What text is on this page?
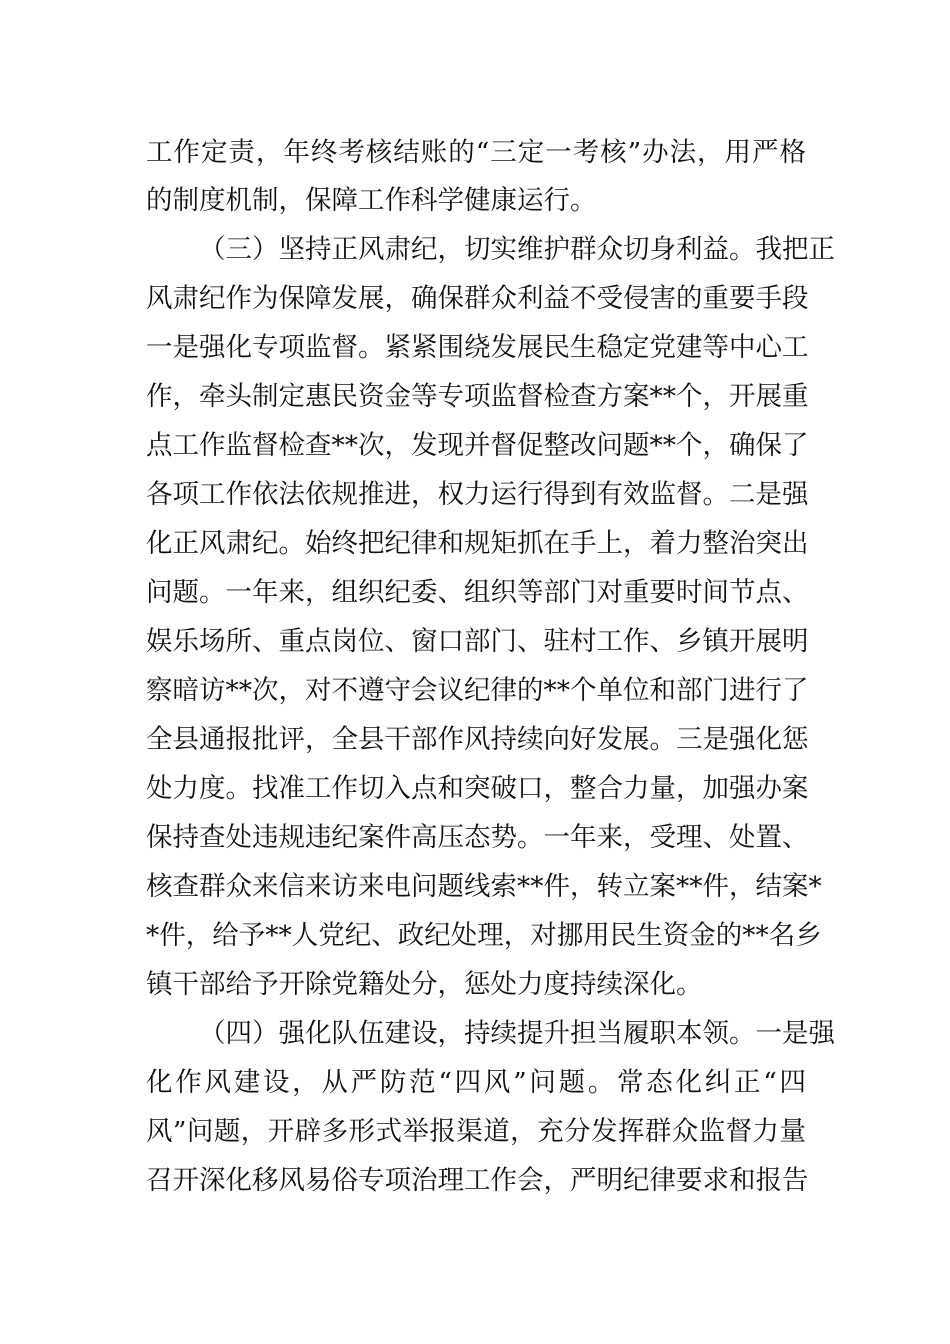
工作定责，年终考核结账的“三定一考核”办法，用严格
的制度机制，保障工作科学健康运行。
（三）坚持正风肃纪，切实维护群众切身利益。我把正
风肃纪作为保障发展，确保群众利益不受侵害的重要手段
一是强化专项监督。紧紧围绕发展民生稳定党建等中心工
作，牵头制定惠民资金等专项监督检查方案**个，开展重
点工作监督检查**次，发现并督促整改问题**个，确保了
各项工作依法依规推进，权力运行得到有效监督。二是强
化正风肃纪。始终把纪律和规矩抓在手上，着力整治突出
问题。一年来，组织纪委、组织等部门对重要时间节点、
娱乐场所、重点岗位、窗口部门、驻村工作、乡镇开展明
察暗访**次，对不遵守会议纪律的**个单位和部门进行了
全县通报批评，全县干部作风持续向好发展。三是强化惩
处力度。找准工作切入点和突破口，整合力量，加强办案
保持查处违规违纪案件高压态势。一年来，受理、处置、
核查群众来信来访来电问题线索**件，转立案**件，结案*
*件，给予**人党纪、政纪处理，对挪用民生资金的**名乡
镇干部给予开除党籍处分，惩处力度持续深化。
（四）强化队伍建设，持续提升担当履职本领。一是强
化作风建设，从严防范“四风”问题。常态化纠正“四
风”问题，开辟多形式举报渠道，充分发挥群众监督力量
召开深化移风易俗专项治理工作会，严明纪律要求和报告
